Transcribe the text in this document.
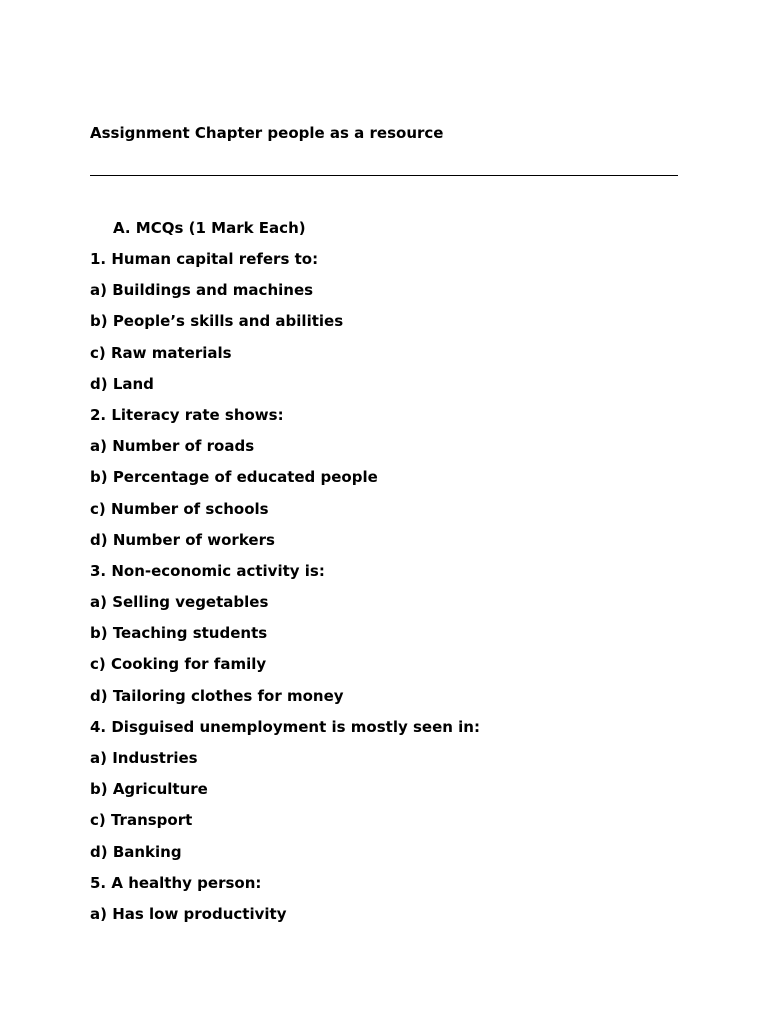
Assignment Chapter people as a resource
A. MCQs (1 Mark Each)
1. Human capital refers to:
a) Buildings and machines
b) People’s skills and abilities
c) Raw materials
d) Land
2. Literacy rate shows:
a) Number of roads
b) Percentage of educated people
c) Number of schools
d) Number of workers
3. Non-economic activity is:
a) Selling vegetables
b) Teaching students
c) Cooking for family
d) Tailoring clothes for money
4. Disguised unemployment is mostly seen in:
a) Industries
b) Agriculture
c) Transport
d) Banking
5. A healthy person:
a) Has low productivity
